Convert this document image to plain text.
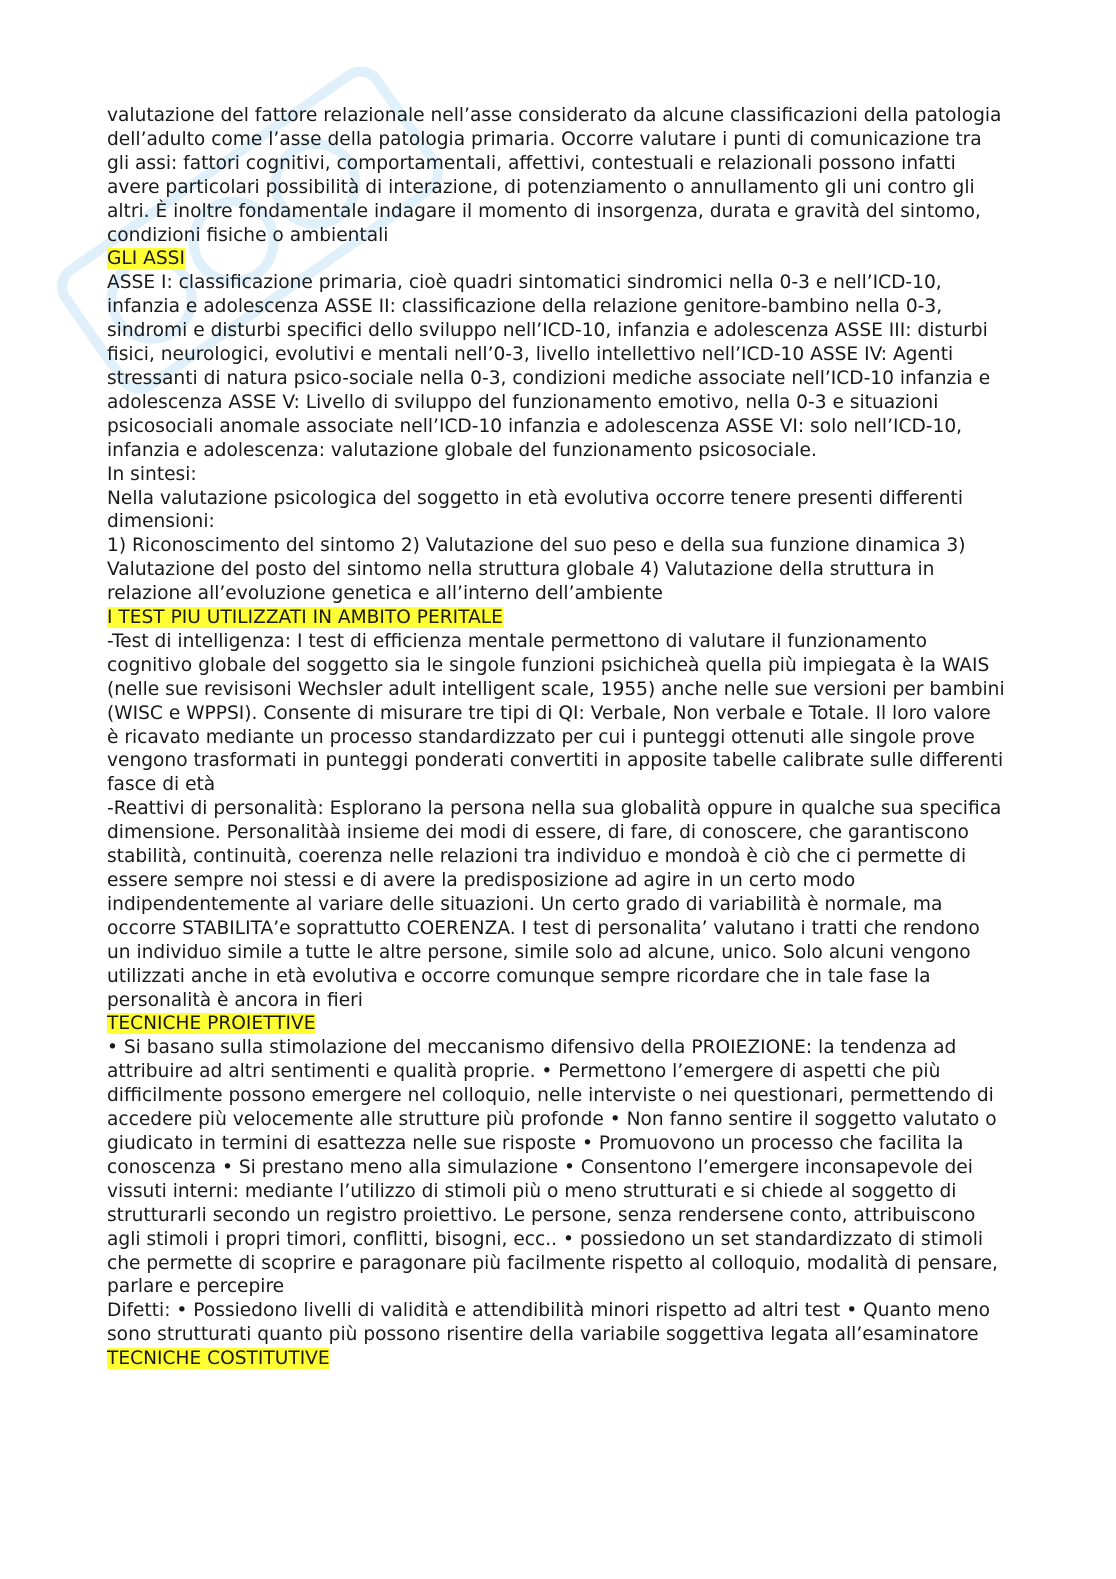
valutazione del fattore relazionale nell’asse considerato da alcune classificazioni della patologia dell’adulto come l’asse della patologia primaria. Occorre valutare i punti di comunicazione tra gli assi: fattori cognitivi, comportamentali, affettivi, contestuali e relazionali possono infatti avere particolari possibilità di interazione, di potenziamento o annullamento gli uni contro gli altri. È inoltre fondamentale indagare il momento di insorgenza, durata e gravità del sintomo, condizioni fisiche o ambientali

GLI ASSI

ASSE I: classificazione primaria, cioè quadri sintomatici sindromici nella 0-3 e nell’ICD-10, infanzia e adolescenza ASSE II: classificazione della relazione genitore-bambino nella 0-3, sindromi e disturbi specifici dello sviluppo nell’ICD-10, infanzia e adolescenza ASSE III: disturbi fisici, neurologici, evolutivi e mentali nell’0-3, livello intellettivo nell’ICD-10 ASSE IV: Agenti stressanti di natura psico-sociale nella 0-3, condizioni mediche associate nell’ICD-10 infanzia e adolescenza ASSE V: Livello di sviluppo del funzionamento emotivo, nella 0-3 e situazioni psicosociali anomale associate nell’ICD-10 infanzia e adolescenza ASSE VI: solo nell’ICD-10, infanzia e adolescenza: valutazione globale del funzionamento psicosociale.

In sintesi:

Nella valutazione psicologica del soggetto in età evolutiva occorre tenere presenti differenti dimensioni:

1) Riconoscimento del sintomo 2) Valutazione del suo peso e della sua funzione dinamica 3) Valutazione del posto del sintomo nella struttura globale 4) Valutazione della struttura in relazione all’evoluzione genetica e all’interno dell’ambiente

I TEST PIU UTILIZZATI IN AMBITO PERITALE

-Test di intelligenza: I test di efficienza mentale permettono di valutare il funzionamento cognitivo globale del soggetto sia le singole funzioni psichicheà quella più impiegata è la WAIS (nelle sue revisisoni Wechsler adult intelligent scale, 1955) anche nelle sue versioni per bambini (WISC e WPPSI). Consente di misurare tre tipi di QI: Verbale, Non verbale e Totale. Il loro valore è ricavato mediante un processo standardizzato per cui i punteggi ottenuti alle singole prove vengono trasformati in punteggi ponderati convertiti in apposite tabelle calibrate sulle differenti fasce di età

-Reattivi di personalità: Esplorano la persona nella sua globalità oppure in qualche sua specifica dimensione. Personalitàà insieme dei modi di essere, di fare, di conoscere, che garantiscono stabilità, continuità, coerenza nelle relazioni tra individuo e mondoà è ciò che ci permette di essere sempre noi stessi e di avere la predisposizione ad agire in un certo modo indipendentemente al variare delle situazioni. Un certo grado di variabilità è normale, ma occorre STABILITA’e soprattutto COERENZA. I test di personalita’ valutano i tratti che rendono un individuo simile a tutte le altre persone, simile solo ad alcune, unico. Solo alcuni vengono utilizzati anche in età evolutiva e occorre comunque sempre ricordare che in tale fase la personalità è ancora in fieri

TECNICHE PROIETTIVE

• Si basano sulla stimolazione del meccanismo difensivo della PROIEZIONE: la tendenza ad attribuire ad altri sentimenti e qualità proprie. • Permettono l’emergere di aspetti che più difficilmente possono emergere nel colloquio, nelle interviste o nei questionari, permettendo di accedere più velocemente alle strutture più profonde • Non fanno sentire il soggetto valutato o giudicato in termini di esattezza nelle sue risposte • Promuovono un processo che facilita la conoscenza • Si prestano meno alla simulazione • Consentono l’emergere inconsapevole dei vissuti interni: mediante l’utilizzo di stimoli più o meno strutturati e si chiede al soggetto di strutturarli secondo un registro proiettivo. Le persone, senza rendersene conto, attribuiscono agli stimoli i propri timori, conflitti, bisogni, ecc.. • possiedono un set standardizzato di stimoli che permette di scoprire e paragonare più facilmente rispetto al colloquio, modalità di pensare, parlare e percepire

Difetti: • Possiedono livelli di validità e attendibilità minori rispetto ad altri test • Quanto meno sono strutturati quanto più possono risentire della variabile soggettiva legata all’esaminatore

TECNICHE COSTITUTIVE
